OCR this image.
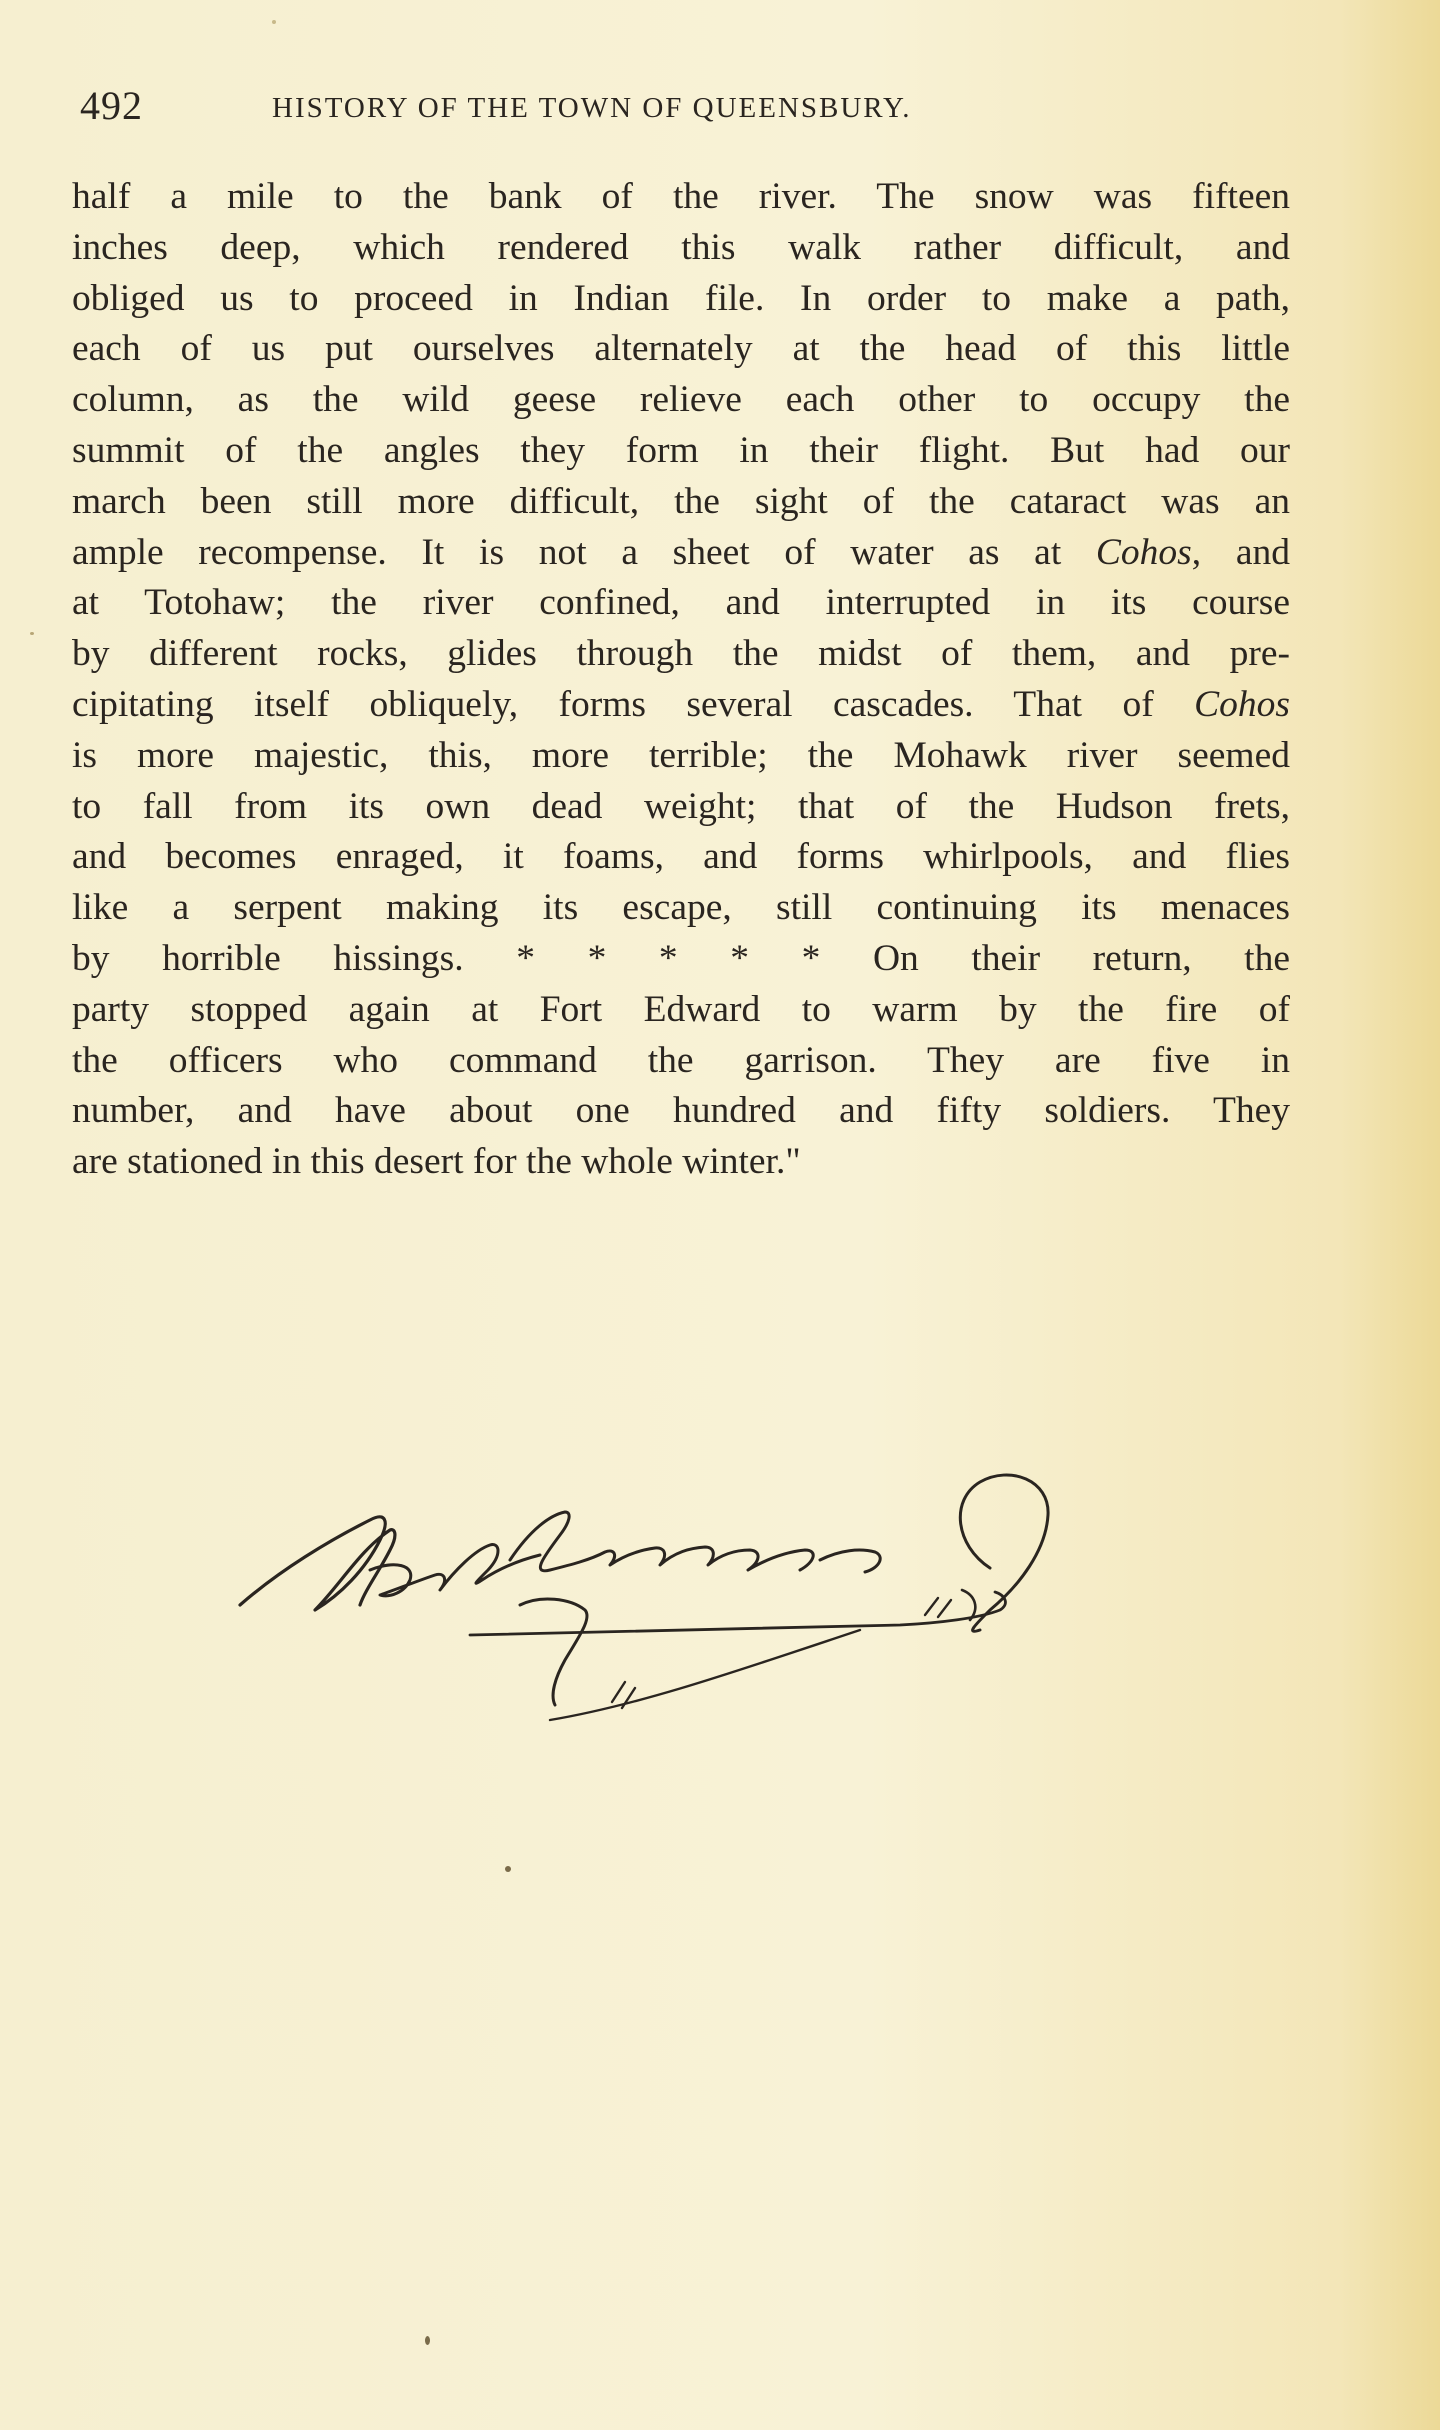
492	HISTORY OF THE TOWN OF QUEENSBURY.
half a mile to the bank of the river. The snow was fifteen
inches deep, which rendered this walk rather difficult, and
obliged us to proceed in Indian file. In order to make a path,
each of us put ourselves alternately at the head of this little
column, as the wild geese relieve each other to occupy the
summit of the angles they form in their flight. But had our
march been still more difficult, the sight of the cataract was an
ample recompense. It is not a sheet of water as at Cohos, and
at Totohaw; the river confined, and interrupted in its course
by different rocks, glides through the midst of them, and pre-
cipitating itself obliquely, forms several cascades. That of Cohos
is more majestic, this, more terrible; the Mohawk river seemed
to fall from its own dead weight; that of the Hudson frets,
and becomes enraged, it foams, and forms whirlpools, and flies
like a serpent making its escape, still continuing its menaces
by horrible hissings. * * * * * On their return, the
party stopped again at Fort Edward to warm by the fire of
the officers who command the garrison. They are five in
number, and have about one hundred and fifty soldiers. They
are stationed in this desert for the whole winter."
